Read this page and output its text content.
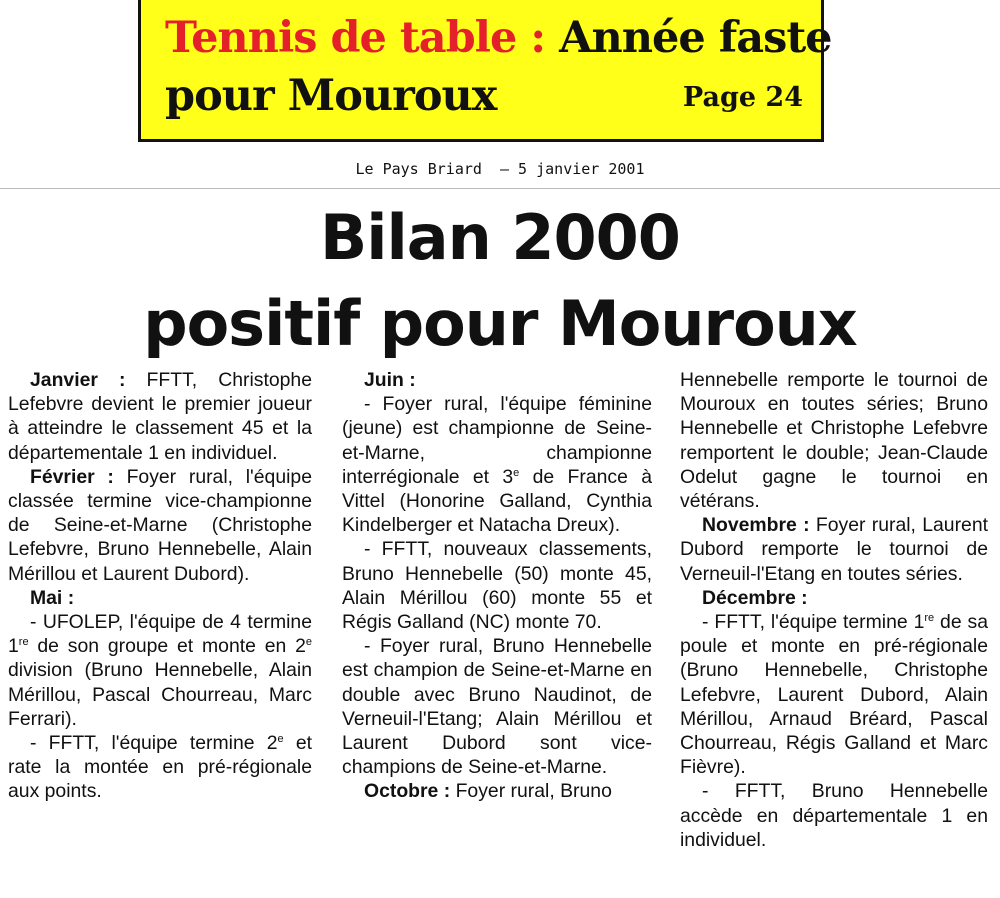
Tennis de table : Année faste
pour Mouroux	Page 24
Le Pays Briard  – 5 janvier 2001
Bilan 2000
positif pour Mouroux

Janvier : FFTT, Christophe Lefebvre devient le premier joueur à atteindre le classement 45 et la départementale 1 en individuel.

Février : Foyer rural, l'équipe classée termine vice-championne de Seine-et-Marne (Christophe Lefebvre, Bruno Hennebelle, Alain Mérillou et Laurent Dubord).

Mai :

- UFOLEP, l'équipe de 4 termine 1re de son groupe et monte en 2e division (Bruno Hennebelle, Alain Mérillou, Pascal Chourreau, Marc Ferrari).

- FFTT, l'équipe termine 2e et rate la montée en pré-régionale aux points.

Juin :

- Foyer rural, l'équipe féminine (jeune) est championne de Seine-et-Marne, championne interrégionale et 3e de France à Vittel (Honorine Galland, Cynthia Kindelberger et Natacha Dreux).

- FFTT, nouveaux classements, Bruno Hennebelle (50) monte 45, Alain Mérillou (60) monte 55 et Régis Galland (NC) monte 70.

- Foyer rural, Bruno Hennebelle est champion de Seine-et-Marne en double avec Bruno Naudinot, de Verneuil-l'Etang; Alain Mérillou et Laurent Dubord sont vice-champions de Seine-et-Marne.

Octobre : Foyer rural, Bruno

Hennebelle remporte le tournoi de Mouroux en toutes séries; Bruno Hennebelle et Christophe Lefebvre remportent le double; Jean-Claude Odelut gagne le tournoi en vétérans.

Novembre : Foyer rural, Laurent Dubord remporte le tournoi de Verneuil-l'Etang en toutes séries.

Décembre :

- FFTT, l'équipe termine 1re de sa poule et monte en pré-régionale (Bruno Hennebelle, Christophe Lefebvre, Laurent Dubord, Alain Mérillou, Arnaud Bréard, Pascal Chourreau, Régis Galland et Marc Fièvre).

- FFTT, Bruno Hennebelle accède en départementale 1 en individuel.
